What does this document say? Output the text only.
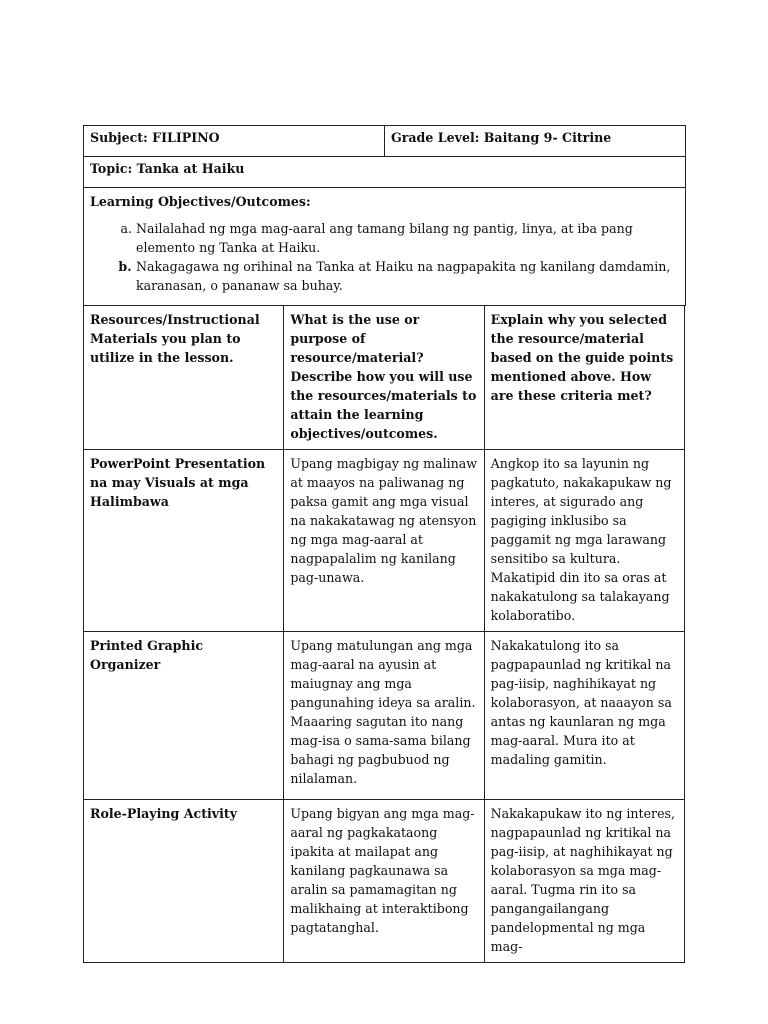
Subject: FILIPINO	Grade Level: Baitang 9- Citrine
Topic: Tanka at Haiku

Learning Objectives/Outcomes:
a. Nailalahad ng mga mag-aaral ang tamang bilang ng pantig, linya, at iba pang elemento ng Tanka at Haiku.
b. Nakagagawa ng orihinal na Tanka at Haiku na nagpapakita ng kanilang damdamin, karanasan, o pananaw sa buhay.
Resources/Instructional Materials you plan to utilize in the lesson.	What is the use or purpose of resource/material? Describe how you will use the resources/materials to attain the learning objectives/outcomes.	Explain why you selected the resource/material based on the guide points mentioned above. How are these criteria met?
PowerPoint Presentation na may Visuals at mga Halimbawa	Upang magbigay ng malinaw at maayos na paliwanag ng paksa gamit ang mga visual na nakakatawag ng atensyon ng mga mag-aaral at nagpapalalim ng kanilang pag-unawa.	Angkop ito sa layunin ng pagkatuto, nakakapukaw ng interes, at sigurado ang pagiging inklusibo sa paggamit ng mga larawang sensitibo sa kultura. Makatipid din ito sa oras at nakakatulong sa talakayang kolaboratibo.
Printed Graphic Organizer	Upang matulungan ang mga mag-aaral na ayusin at maiugnay ang mga pangunahing ideya sa aralin. Maaaring sagutan ito nang mag-isa o sama-sama bilang bahagi ng pagbubuod ng nilalaman.	Nakakatulong ito sa pagpapaunlad ng kritikal na pag-iisip, naghihikayat ng kolaborasyon, at naaayon sa antas ng kaunlaran ng mga mag-aaral. Mura ito at madaling gamitin.
Role-Playing Activity	Upang bigyan ang mga mag-aaral ng pagkakataong ipakita at mailapat ang kanilang pagkaunawa sa aralin sa pamamagitan ng malikhaing at interaktibong pagtatanghal.	Nakakapukaw ito ng interes, nagpapaunlad ng kritikal na pag-iisip, at naghihikayat ng kolaborasyon sa mga mag-aaral. Tugma rin ito sa pangangailangang pandelopmental ng mga mag-
